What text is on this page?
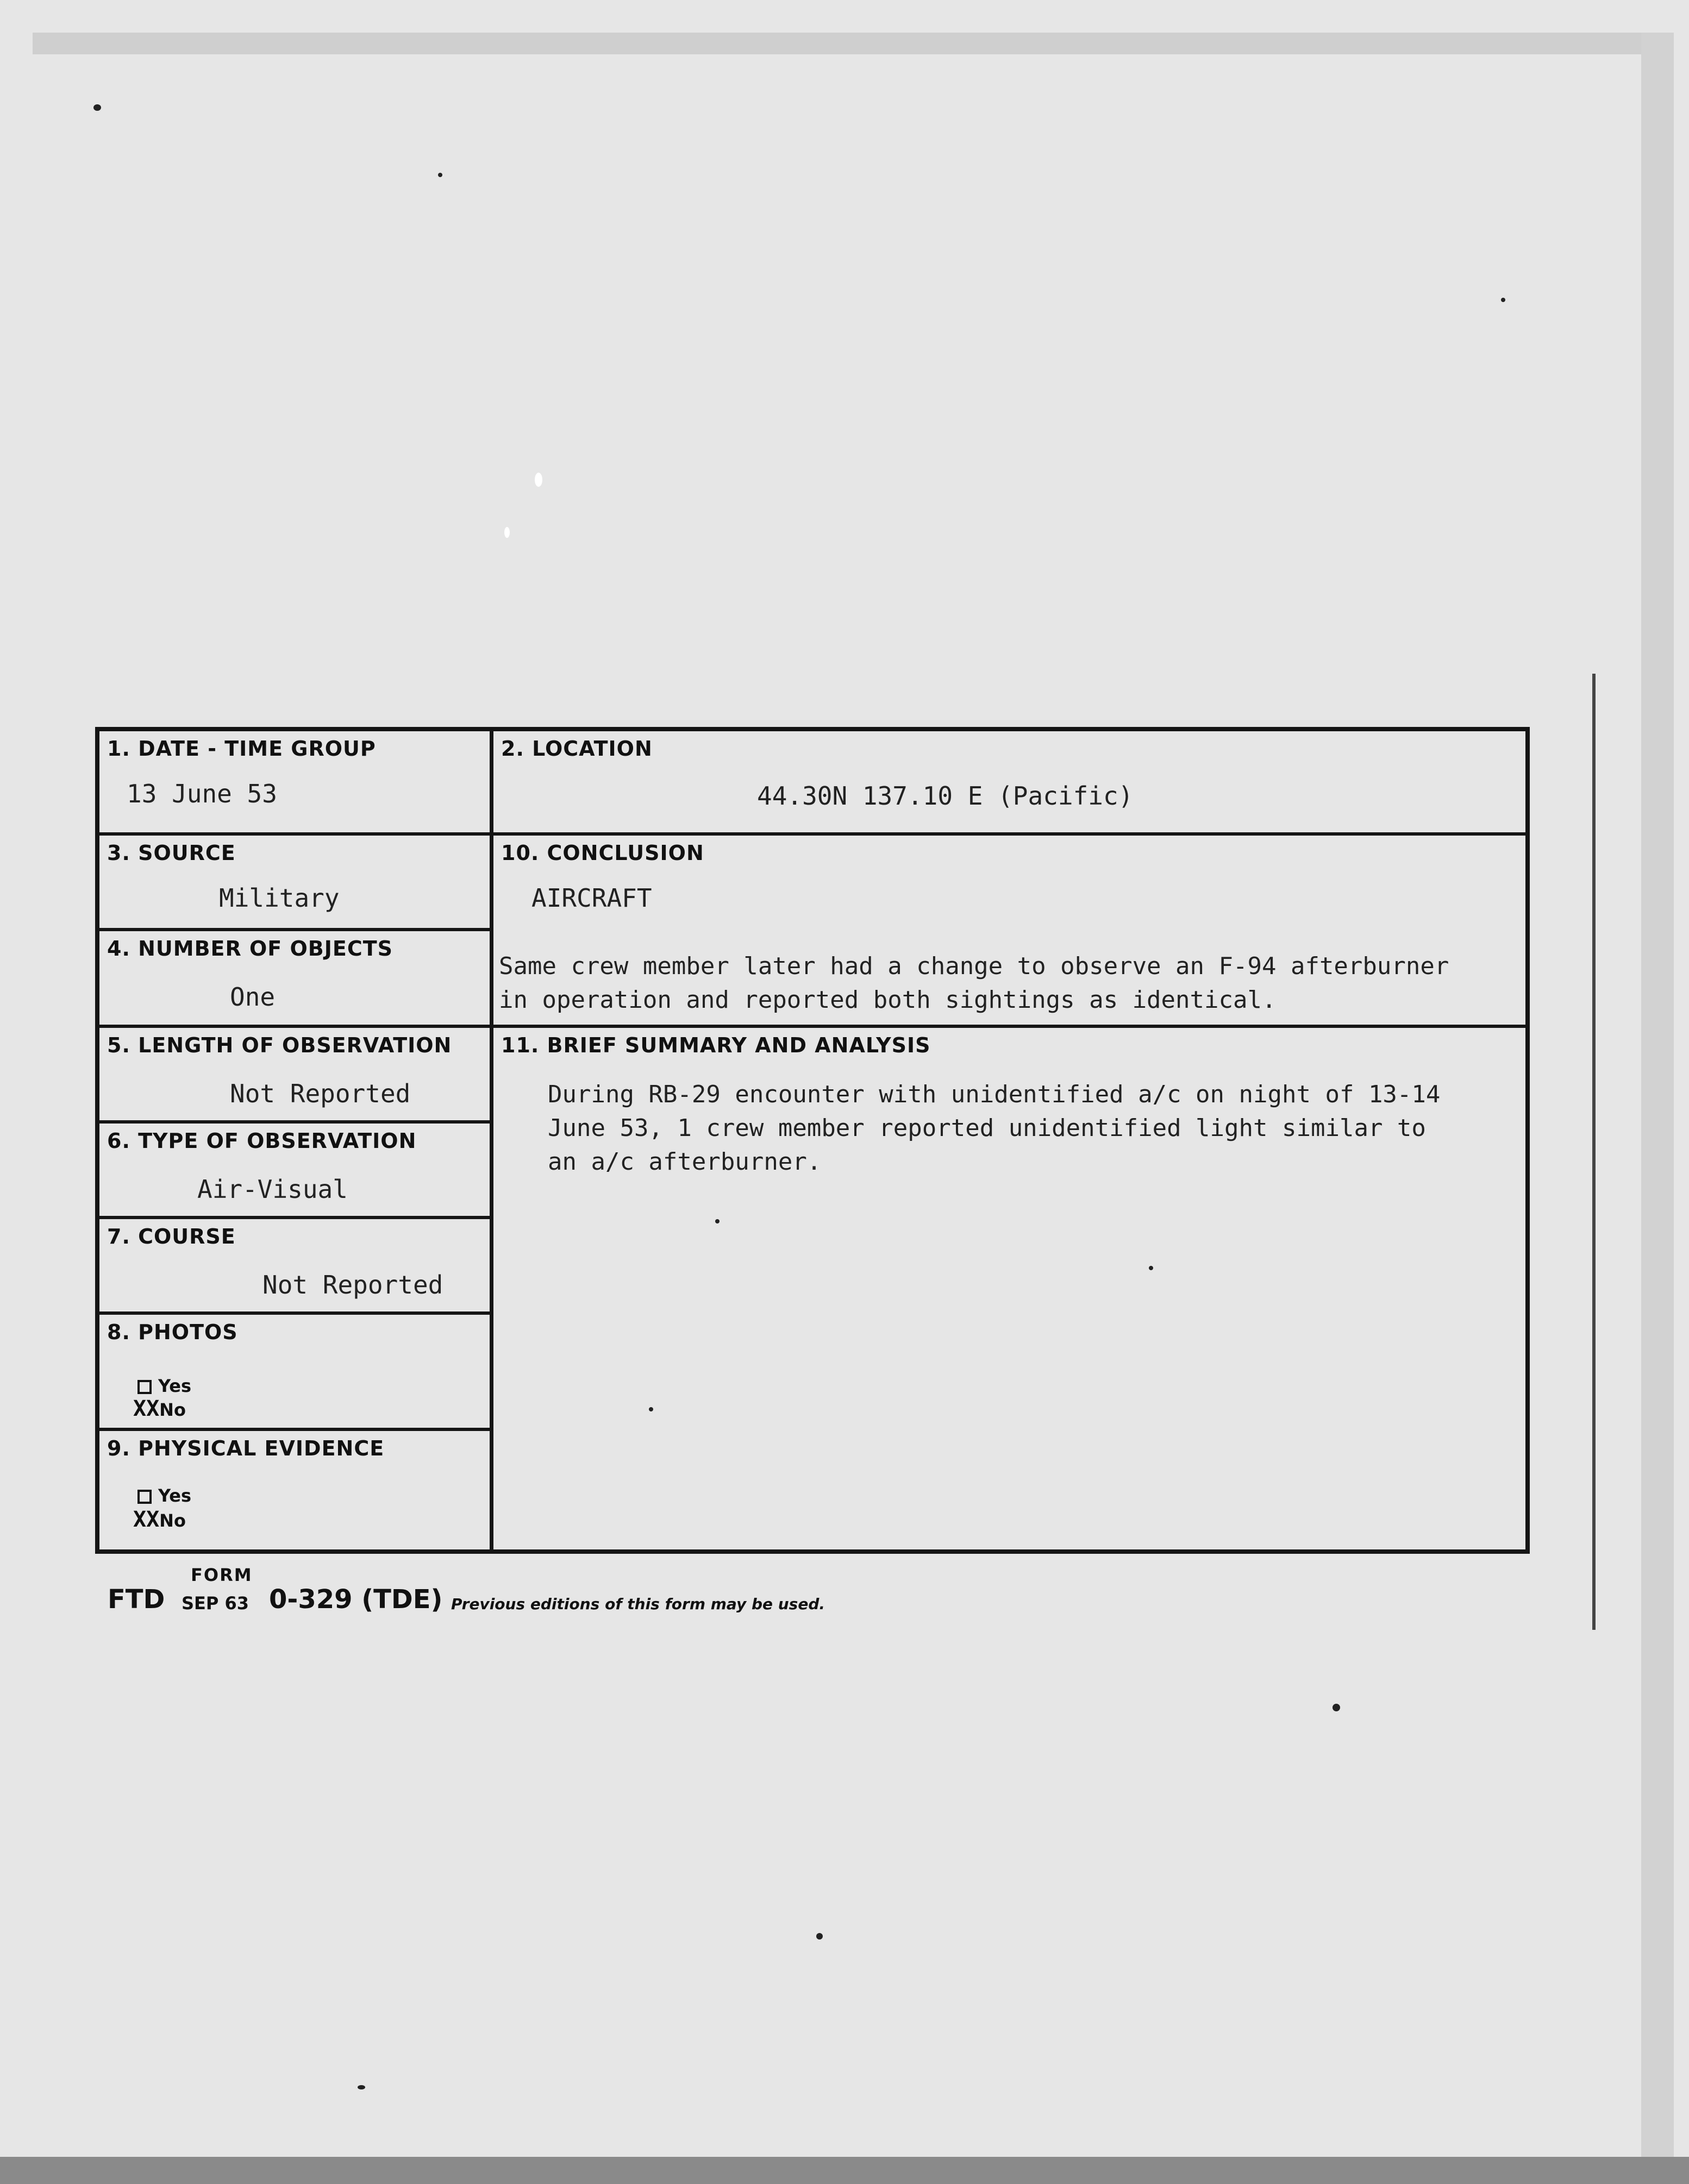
1. DATE - TIME GROUP
13 June 53
2. LOCATION
44.30N 137.10 E (Pacific)
3. SOURCE
Military
4. NUMBER OF OBJECTS
One
10. CONCLUSION
AIRCRAFT
Same crew member later had a change to observe an F-94 afterburner
in operation and reported both sightings as identical.
5. LENGTH OF OBSERVATION
Not Reported
6. TYPE OF OBSERVATION
Air-Visual
7. COURSE
Not Reported
8. PHOTOS
Yes
XXNo
9. PHYSICAL EVIDENCE
Yes
XXNo
11. BRIEF SUMMARY AND ANALYSIS
During RB-29 encounter with unidentified a/c on night of 13-14
June 53, 1 crew member reported unidentified light similar to
an a/c afterburner.
FORM
FTD SEP 63 0-329 (TDE) Previous editions of this form may be used.
